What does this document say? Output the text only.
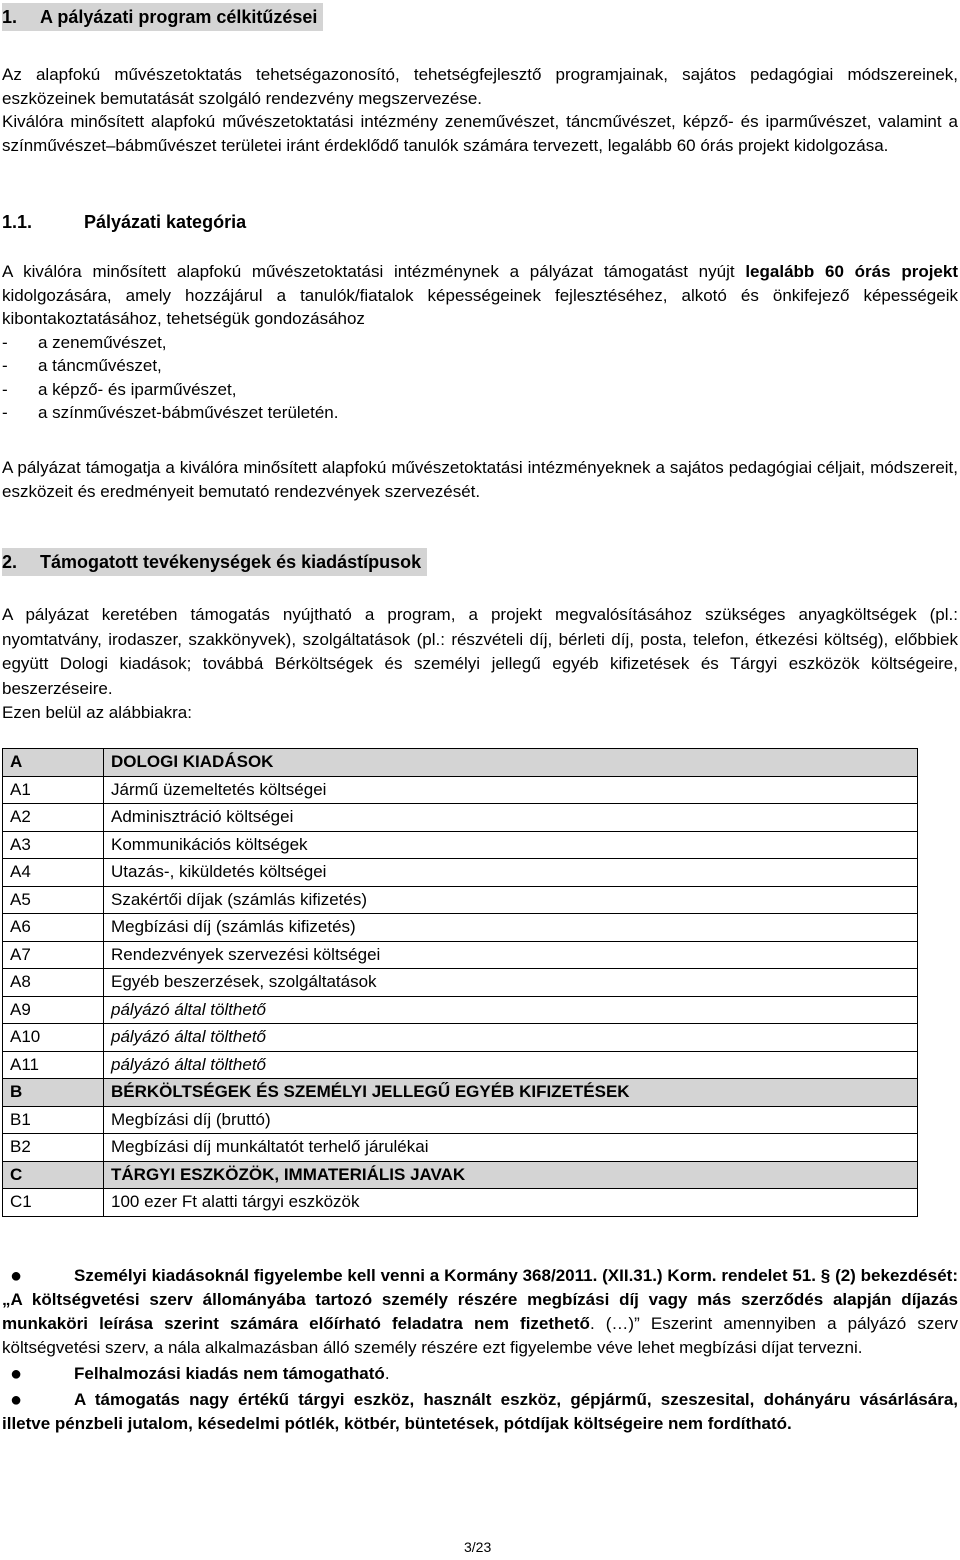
1. A pályázati program célkitűzései

Az alapfokú művészetoktatás tehetségazonosító, tehetségfejlesztő programjainak, sajátos pedagógiai módszereinek, eszközeinek bemutatását szolgáló rendezvény megszervezése.

Kiválóra minősített alapfokú művészetoktatási intézmény zeneművészet, táncművészet, képző- és iparművészet, valamint a színművészet–bábművészet területei iránt érdeklődő tanulók számára tervezett, legalább 60 órás projekt kidolgozása.

1.1.	Pályázati kategória

A kiválóra minősített alapfokú művészetoktatási intézménynek a pályázat támogatást nyújt legalább 60 órás projekt kidolgozására, amely hozzájárul a tanulók/fiatalok képességeinek fejlesztéséhez, alkotó és önkifejező képességeik kibontakoztatásához, tehetségük gondozásához

-	a zeneművészet,
-	a táncművészet,
-	a képző- és iparművészet,
-	a színművészet-bábművészet területén.

A pályázat támogatja a kiválóra minősített alapfokú művészetoktatási intézményeknek a sajátos pedagógiai céljait, módszereit, eszközeit és eredményeit bemutató rendezvények szervezését.

2. Támogatott tevékenységek és kiadástípusok

A pályázat keretében támogatás nyújtható a program, a projekt megvalósításához szükséges anyagköltségek (pl.: nyomtatvány, irodaszer, szakkönyvek), szolgáltatások (pl.: részvételi díj, bérleti díj, posta, telefon, étkezési költség), előbbiek együtt Dologi kiadások; továbbá Bérköltségek és személyi jellegű egyéb kifizetések és Tárgyi eszközök költségeire, beszerzéseire.

Ezen belül az alábbiakra:

A	DOLOGI KIADÁSOK
A1	Jármű üzemeltetés költségei
A2	Adminisztráció költségei
A3	Kommunikációs költségek
A4	Utazás-, kiküldetés költségei
A5	Szakértői díjak (számlás kifizetés)
A6	Megbízási díj (számlás kifizetés)
A7	Rendezvények szervezési költségei
A8	Egyéb beszerzések, szolgáltatások
A9	pályázó által tölthető
A10	pályázó által tölthető
A11	pályázó által tölthető
B	BÉRKÖLTSÉGEK ÉS SZEMÉLYI JELLEGŰ EGYÉB KIFIZETÉSEK
B1	Megbízási díj (bruttó)
B2	Megbízási díj munkáltatót terhelő járulékai
C	TÁRGYI ESZKÖZÖK, IMMATERIÁLIS JAVAK
C1	100 ezer Ft alatti tárgyi eszközök

●	Személyi kiadásoknál figyelembe kell venni a Kormány 368/2011. (XII.31.) Korm. rendelet 51. § (2) bekezdését: „A költségvetési szerv állományába tartozó személy részére megbízási díj vagy más szerződés alapján díjazás munkaköri leírása szerint számára előírható feladatra nem fizethető. (…)” Eszerint amennyiben a pályázó szerv költségvetési szerv, a nála alkalmazásban álló személy részére ezt figyelembe véve lehet megbízási díjat tervezni.

●	Felhalmozási kiadás nem támogatható.

●	A támogatás nagy értékű tárgyi eszköz, használt eszköz, gépjármű, szeszesital, dohányáru vásárlására, illetve pénzbeli jutalom, késedelmi pótlék, kötbér, büntetések, pótdíjak költségeire nem fordítható.

3/23
